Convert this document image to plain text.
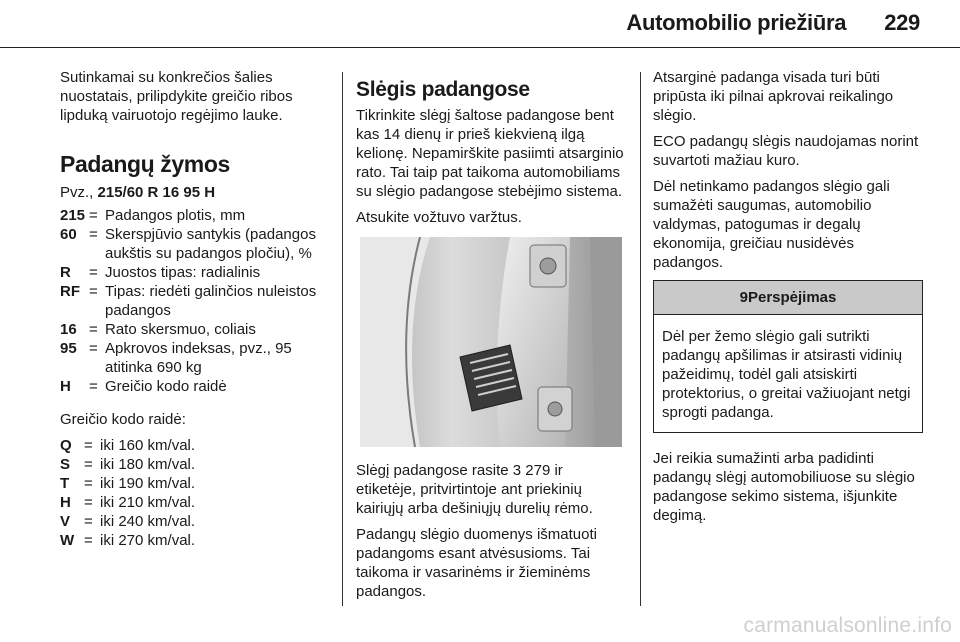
Automobilio priežiūra 229

Sutinkamai su konkrečios šalies nuostatais, prilipdykite greičio ribos lipduką vairuotojo regėjimo lauke.

Padangų žymos

Pvz., 215/60 R 16 95 H

215 = Padangos plotis, mm
60 = Skerspjūvio santykis (padangos aukštis su padangos pločiu), %
R	= Juostos tipas: radialinis
RF = Tipas: riedėti galinčios nuleistos padangos
16 = Rato skersmuo, coliais
95 = Apkrovos indeksas, pvz., 95 atitinka 690 kg
H	= Greičio kodo raidė

Greičio kodo raidė:

Q = iki 160 km/val.
S = iki 180 km/val.
T = iki 190 km/val.
H = iki 210 km/val.
V = iki 240 km/val.
W = iki 270 km/val.
Slėgis padangose

Tikrinkite slėgį šaltose padangose bent kas 14 dienų ir prieš kiekvieną ilgą kelionę. Nepamirškite pasiimti atsarginio rato. Tai taip pat taikoma automobiliams su slėgio padangose stebėjimo sistema.

Atsukite vožtuvo varžtus.

Slėgį padangose rasite 3 279 ir etiketėje, pritvirtintoje ant priekinių kairiųjų arba dešiniųjų durelių rėmo.

Padangų slėgio duomenys išmatuoti padangoms esant atvėsusioms. Tai taikoma ir vasarinėms ir žieminėms padangos.

Atsarginė padanga visada turi būti pripūsta iki pilnai apkrovai reikalingo slėgio.

ECO padangų slėgis naudojamas norint suvartoti mažiau kuro.

Dėl netinkamo padangos slėgio gali sumažėti saugumas, automobilio valdymas, patogumas ir degalų ekonomija, greičiau nusidėvės padangos.

9Perspėjimas
Dėl per žemo slėgio gali sutrikti padangų apšilimas ir atsirasti vidinių pažeidimų, todėl gali atsiskirti protektorius, o greitai važiuojant netgi sprogti padanga.

Jei reikia sumažinti arba padidinti padangų slėgį automobiliuose su slėgio padangose sekimo sistema, išjunkite degimą.

carmanualsonline.info
